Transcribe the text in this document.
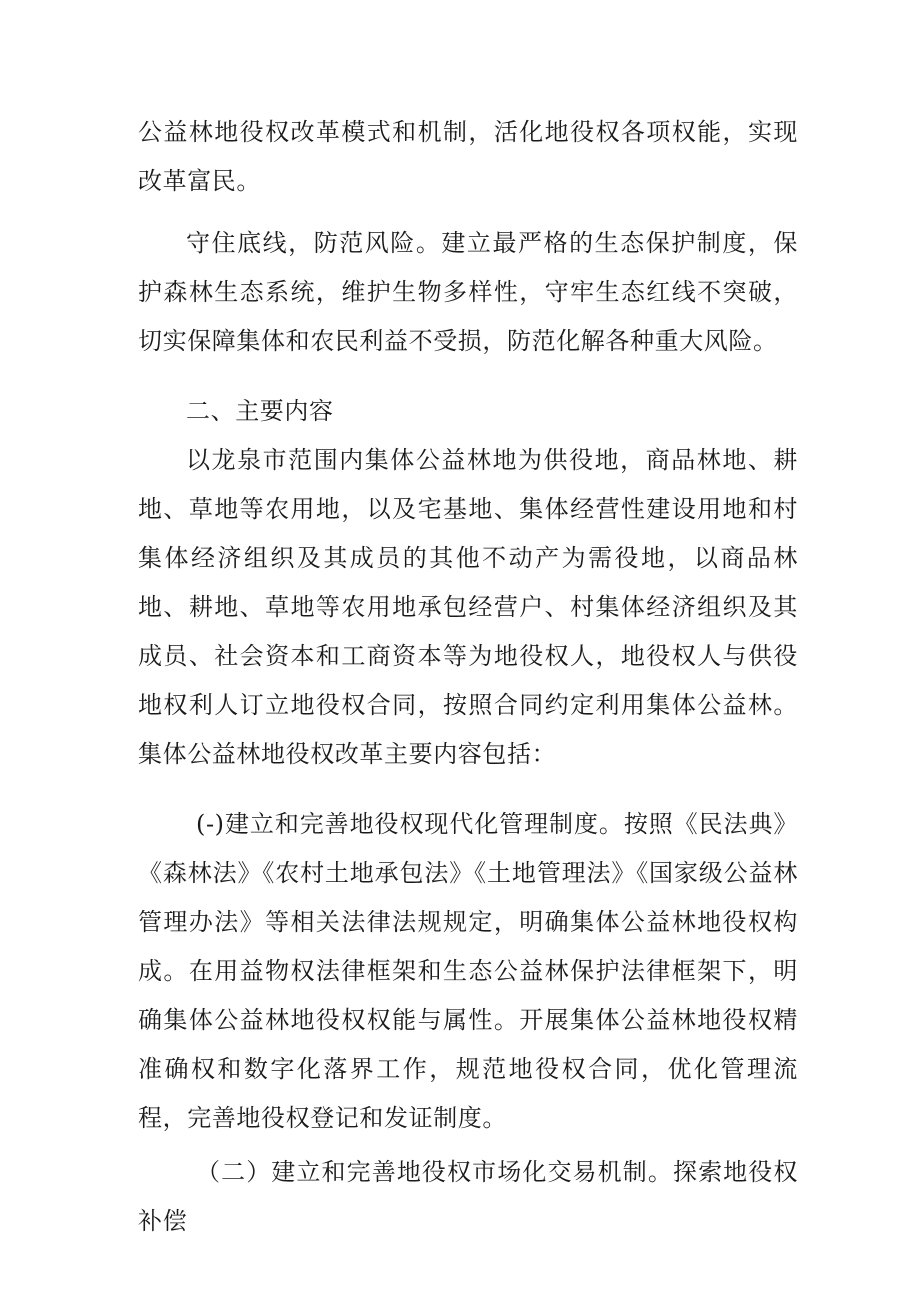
公益林地役权改革模式和机制，活化地役权各项权能，实现改革富民。

守住底线，防范风险。建立最严格的生态保护制度，保护森林生态系统，维护生物多样性，守牢生态红线不突破，切实保障集体和农民利益不受损，防范化解各种重大风险。

二、主要内容

以龙泉市范围内集体公益林地为供役地，商品林地、耕地、草地等农用地，以及宅基地、集体经营性建设用地和村集体经济组织及其成员的其他不动产为需役地，以商品林地、耕地、草地等农用地承包经营户、村集体经济组织及其成员、社会资本和工商资本等为地役权人，地役权人与供役地权利人订立地役权合同，按照合同约定利用集体公益林。集体公益林地役权改革主要内容包括：

(-)建立和完善地役权现代化管理制度。按照《民法典》《森林法》《农村土地承包法》《土地管理法》《国家级公益林管理办法》等相关法律法规规定，明确集体公益林地役权构成。在用益物权法律框架和生态公益林保护法律框架下，明确集体公益林地役权权能与属性。开展集体公益林地役权精准确权和数字化落界工作，规范地役权合同，优化管理流程，完善地役权登记和发证制度。

（二）建立和完善地役权市场化交易机制。探索地役权补偿
